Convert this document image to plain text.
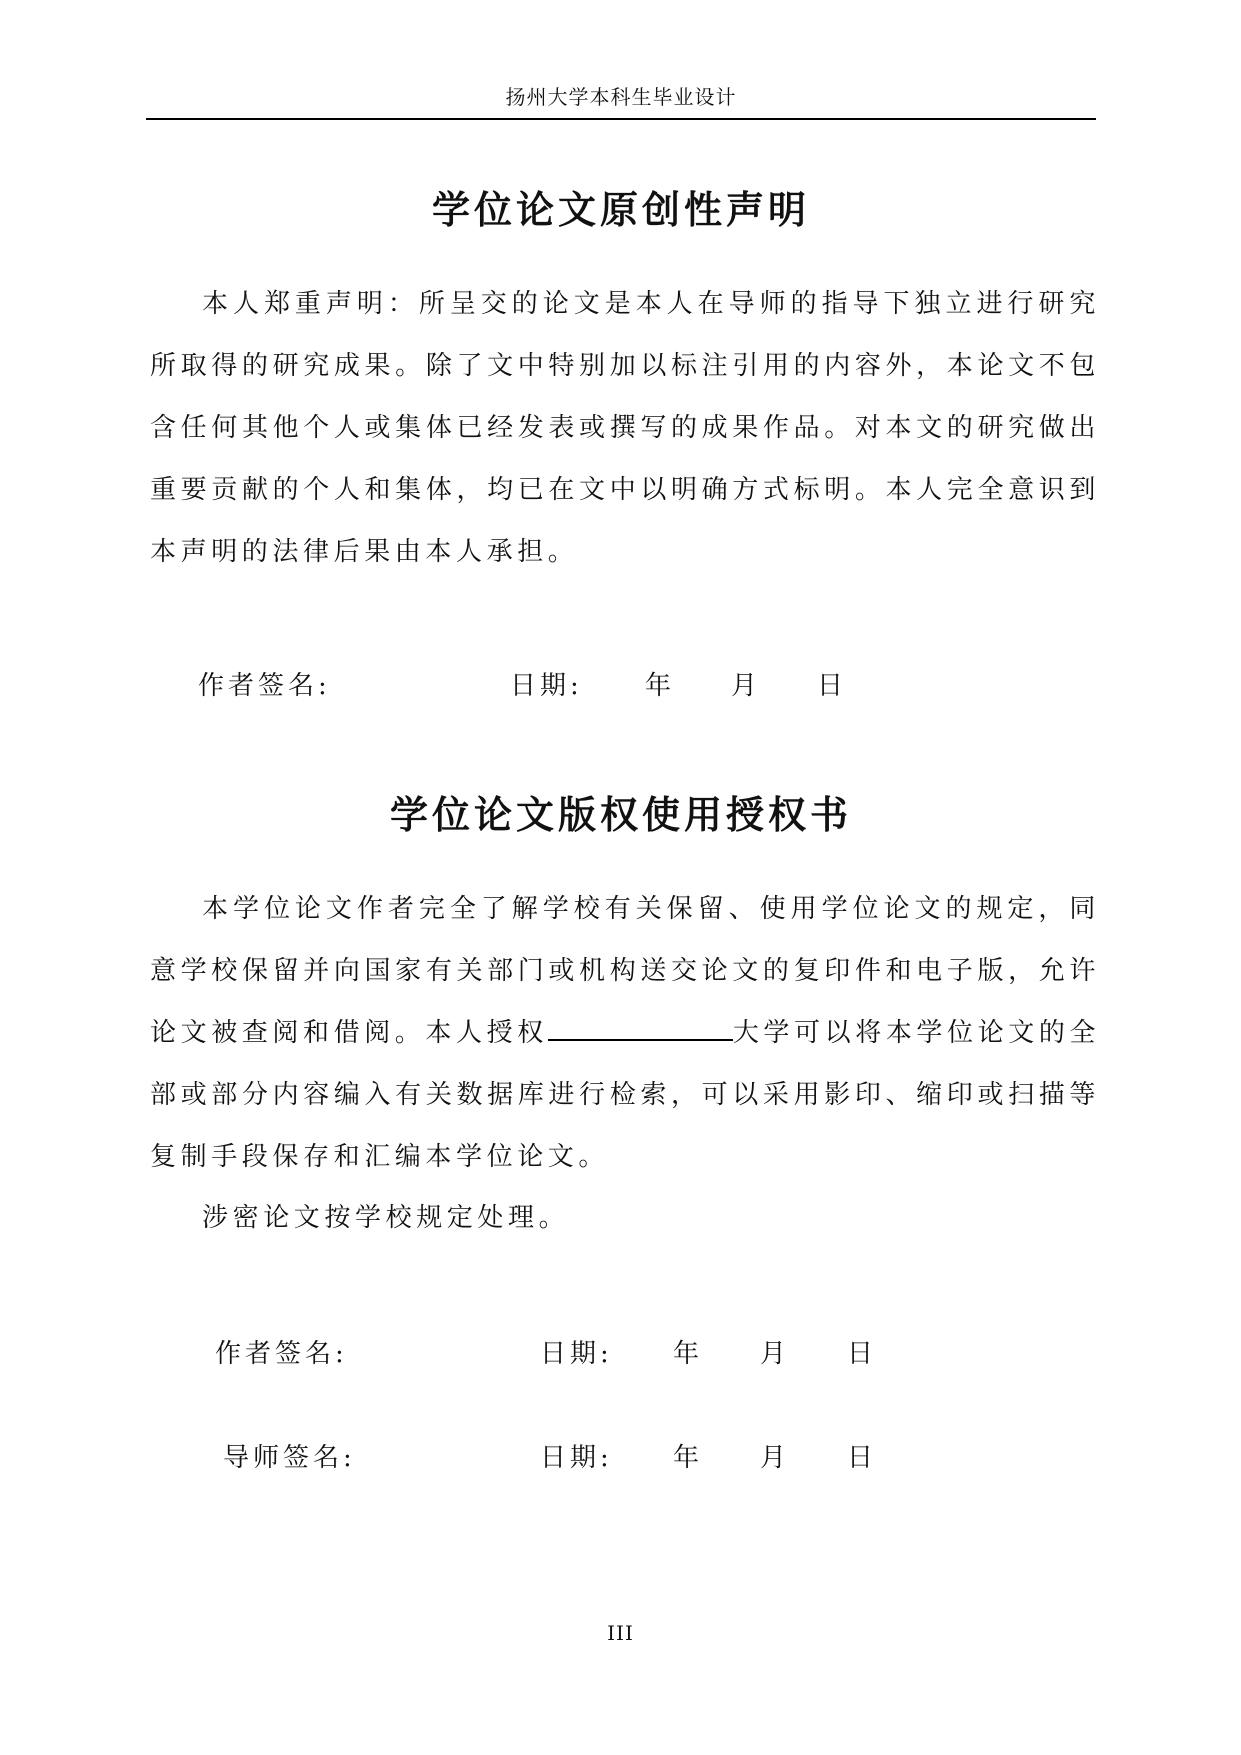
扬州大学本科生毕业设计
学位论文原创性声明

本人郑重声明：所呈交的论文是本人在导师的指导下独立进行研究所取得的研究成果。除了文中特别加以标注引用的内容外，本论文不包含任何其他个人或集体已经发表或撰写的成果作品。对本文的研究做出重要贡献的个人和集体，均已在文中以明确方式标明。本人完全意识到本声明的法律后果由本人承担。

作者签名:	日期: 年 月 日
学位论文版权使用授权书

本学位论文作者完全了解学校有关保留、使用学位论文的规定，同意学校保留并向国家有关部门或机构送交论文的复印件和电子版，允许论文被查阅和借阅。本人授权	大学可以将本学位论文的全部或部分内容编入有关数据库进行检索，可以采用影印、缩印或扫描等复制手段保存和汇编本学位论文。

涉密论文按学校规定处理。

作者签名:	日期: 年 月 日
导师签名:	日期: 年 月 日
III
